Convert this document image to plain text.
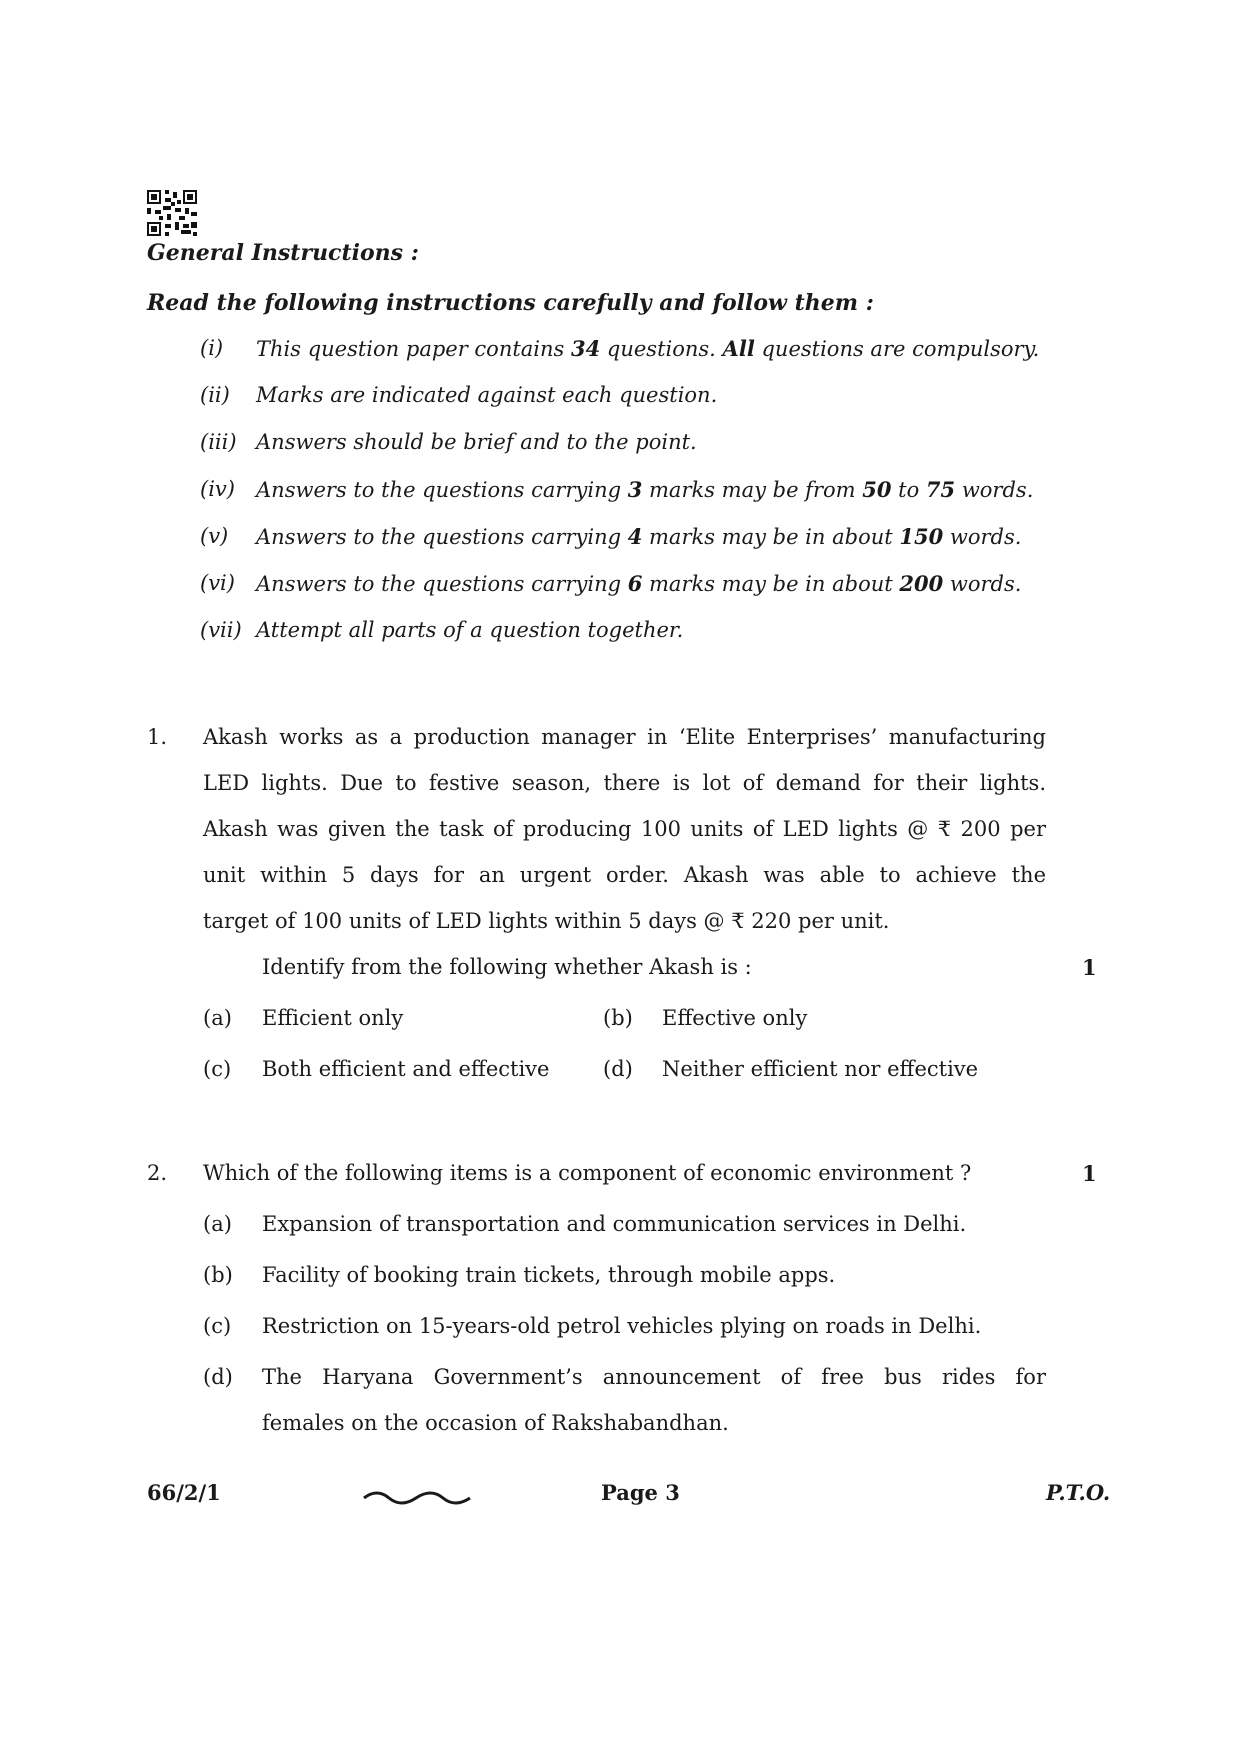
General Instructions :
Read the following instructions carefully and follow them :
(i) This question paper contains 34 questions. All questions are compulsory.
(ii) Marks are indicated against each question.
(iii) Answers should be brief and to the point.
(iv) Answers to the questions carrying 3 marks may be from 50 to 75 words.
(v) Answers to the questions carrying 4 marks may be in about 150 words.
(vi) Answers to the questions carrying 6 marks may be in about 200 words.
(vii) Attempt all parts of a question together.
1. Akash works as a production manager in ‘Elite Enterprises’ manufacturing
LED lights. Due to festive season, there is lot of demand for their lights.
Akash was given the task of producing 100 units of LED lights @ ₹ 200 per
unit within 5 days for an urgent order. Akash was able to achieve the
target of 100 units of LED lights within 5 days @ ₹ 220 per unit.
Identify from the following whether Akash is :	1
(a) Efficient only	(b) Effective only
(c) Both efficient and effective	(d) Neither efficient nor effective
2. Which of the following items is a component of economic environment ?	1
(a) Expansion of transportation and communication services in Delhi.
(b) Facility of booking train tickets, through mobile apps.
(c) Restriction on 15-years-old petrol vehicles plying on roads in Delhi.
(d) The Haryana Government’s announcement of free bus rides for
females on the occasion of Rakshabandhan.
66/2/1	Page 3	P.T.O.
